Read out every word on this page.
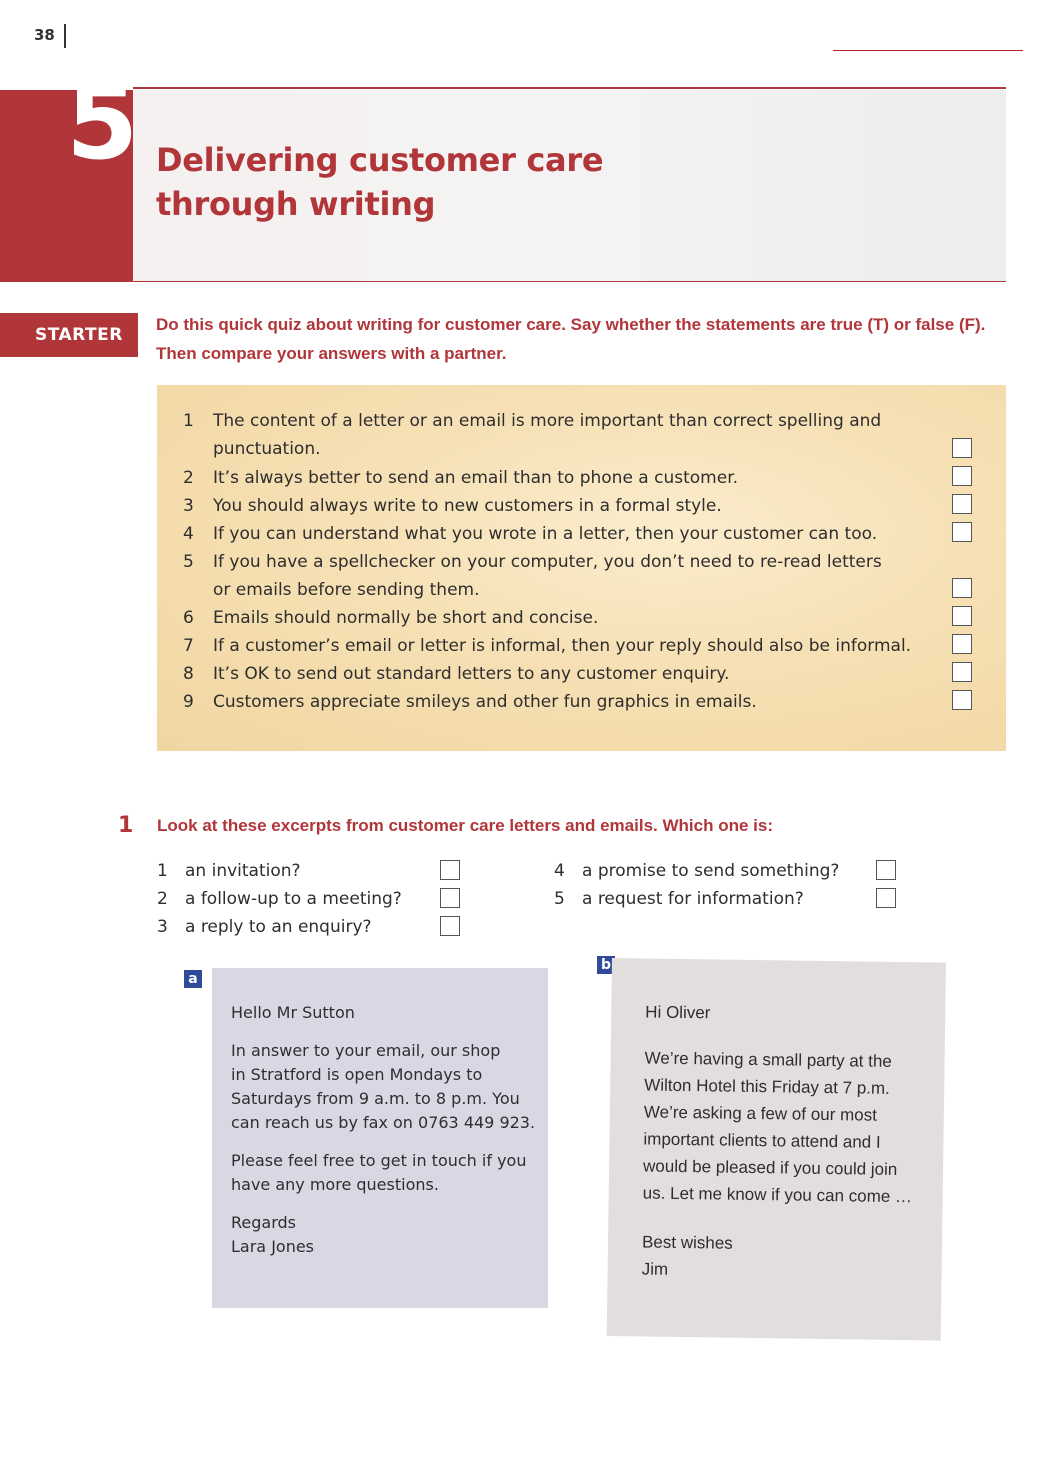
38
5 Delivering customer care
through writing
STARTER
Do this quick quiz about writing for customer care. Say whether the statements are true (T) or false (F). Then compare your answers with a partner.
1	The content of a letter or an email is more important than correct spelling and punctuation.
2	It’s always better to send an email than to phone a customer.
3	You should always write to new customers in a formal style.
4	If you can understand what you wrote in a letter, then your customer can too.
5	If you have a spellchecker on your computer, you don’t need to re-read letters or emails before sending them.
6	Emails should normally be short and concise.
7	If a customer’s email or letter is informal, then your reply should also be informal.
8	It’s OK to send out standard letters to any customer enquiry.
9	Customers appreciate smileys and other fun graphics in emails.
1 Look at these excerpts from customer care letters and emails. Which one is:
1 an invitation?
2 a follow-up to a meeting?
3 a reply to an enquiry?
4 a promise to send something?
5 a request for information?
a
Hello Mr Sutton
In answer to your email, our shop
in Stratford is open Mondays to
Saturdays from 9 a.m. to 8 p.m. You
can reach us by fax on 0763 449 923.
Please feel free to get in touch if you
have any more questions.
Regards
Lara Jones
b
Hi Oliver
We’re having a small party at the
Wilton Hotel this Friday at 7 p.m.
We’re asking a few of our most
important clients to attend and I
would be pleased if you could join
us. Let me know if you can come …
Best wishes
Jim
